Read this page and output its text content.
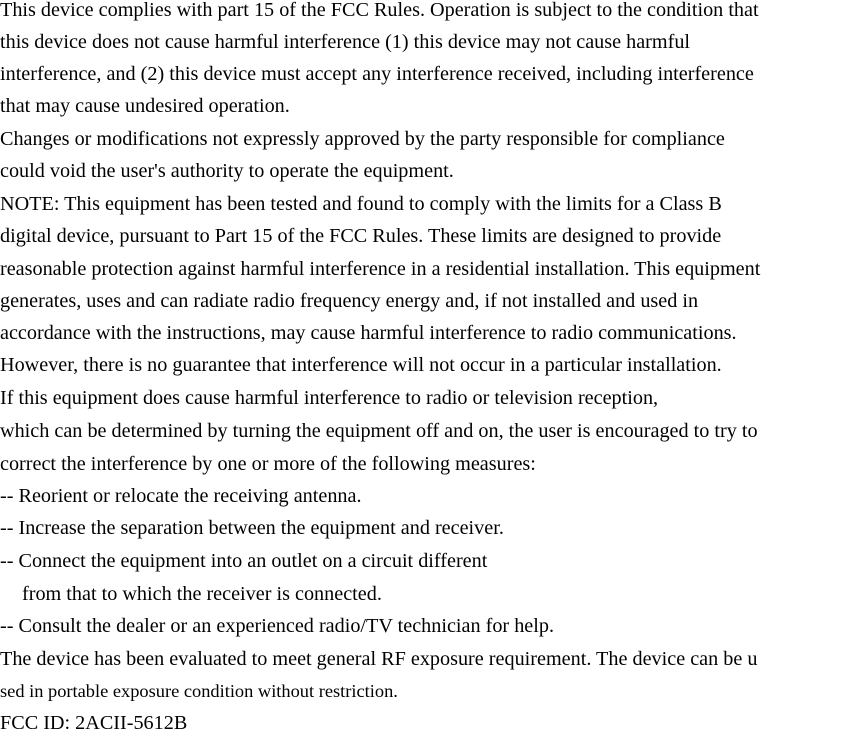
This device complies with part 15 of the FCC Rules. Operation is subject to the condition that

this device does not cause harmful interference (1) this device may not cause harmful

interference, and (2) this device must accept any interference received, including interference

that may cause undesired operation.

Changes or modifications not expressly approved by the party responsible for compliance

could void the user's authority to operate the equipment.

NOTE: This equipment has been tested and found to comply with the limits for a Class B

digital device, pursuant to Part 15 of the FCC Rules. These limits are designed to provide

reasonable protection against harmful interference in a residential installation. This equipment

generates, uses and can radiate radio frequency energy and, if not installed and used in

accordance with the instructions, may cause harmful interference to radio communications.

However, there is no guarantee that interference will not occur in a particular installation.

If this equipment does cause harmful interference to radio or television reception,

which can be determined by turning the equipment off and on, the user is encouraged to try to

correct the interference by one or more of the following measures:

-- Reorient or relocate the receiving antenna.

-- Increase the separation between the equipment and receiver.

-- Connect the equipment into an outlet on a circuit different

from that to which the receiver is connected.

-- Consult the dealer or an experienced radio/TV technician for help.

The device has been evaluated to meet general RF exposure requirement. The device can be u

sed in portable exposure condition without restriction.

FCC ID: 2ACII-5612B
